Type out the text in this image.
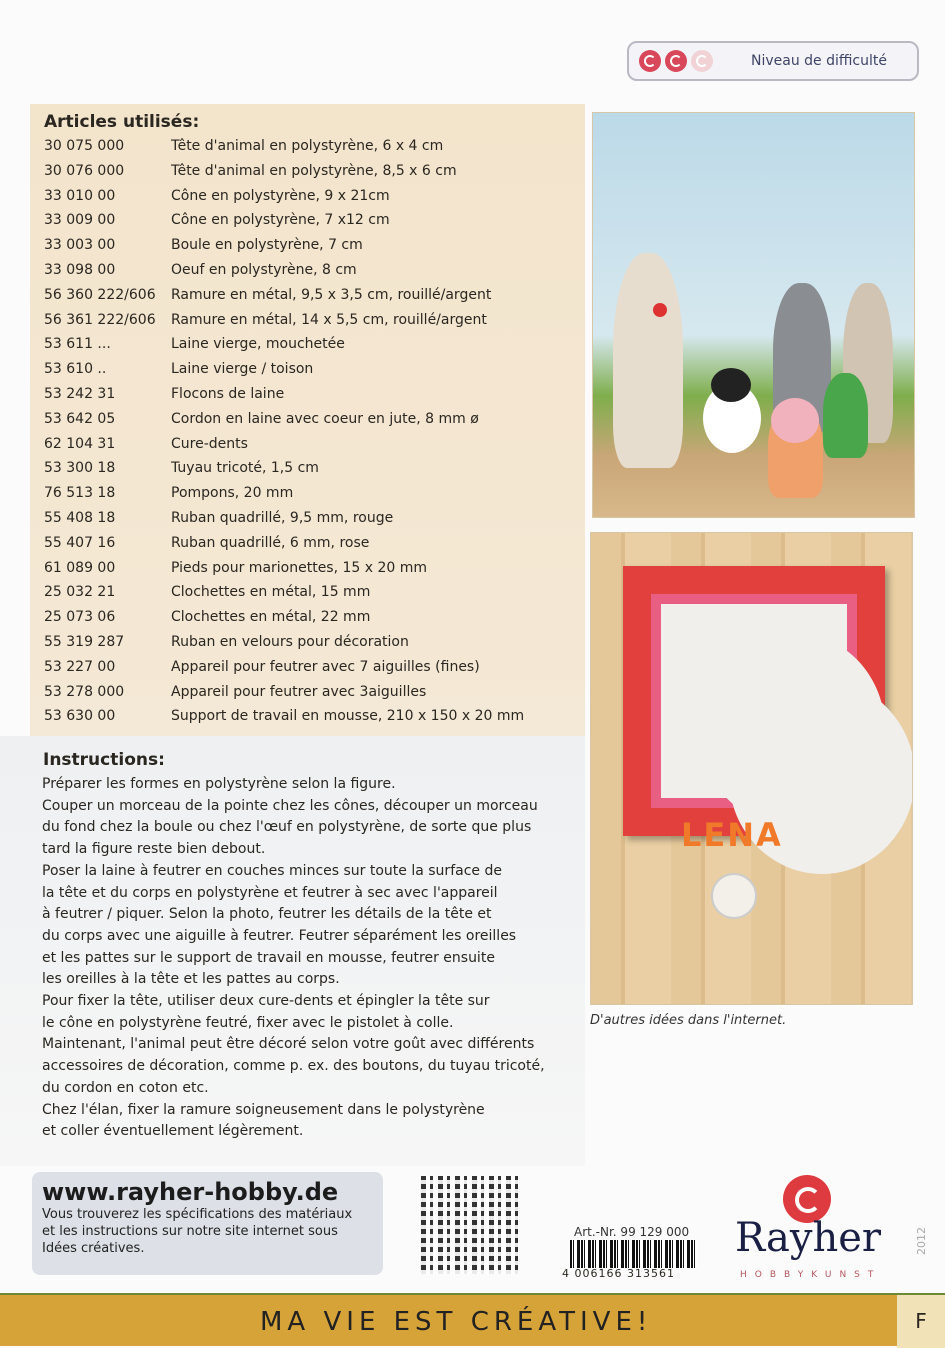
Niveau de difficulté
Articles utilisés:
30 075 000	Tête d'animal en polystyrène, 6 x 4 cm
30 076 000	Tête d'animal en polystyrène, 8,5 x 6 cm
33 010 00	Cône en polystyrène, 9 x 21cm
33 009 00	Cône en polystyrène, 7 x12 cm
33 003 00	Boule en polystyrène, 7 cm
33 098 00	Oeuf en polystyrène, 8 cm
56 360 222/606 Ramure en métal, 9,5 x 3,5 cm, rouillé/argent
56 361 222/606 Ramure en métal, 14 x 5,5 cm, rouillé/argent
53 611 ...	Laine vierge, mouchetée
53 610 ..	Laine vierge / toison
53 242 31	Flocons de laine
53 642 05	Cordon en laine avec coeur en jute, 8 mm ø
62 104 31	Cure-dents
53 300 18	Tuyau tricoté, 1,5 cm
76 513 18	Pompons, 20 mm
55 408 18	Ruban quadrillé, 9,5 mm, rouge
55 407 16	Ruban quadrillé, 6 mm, rose
61 089 00	Pieds pour marionettes, 15 x 20 mm
25 032 21	Clochettes en métal, 15 mm
25 073 06	Clochettes en métal, 22 mm
55 319 287	Ruban en velours pour décoration
53 227 00	Appareil pour feutrer avec 7 aiguilles (fines)
53 278 000	Appareil pour feutrer avec 3aiguilles
53 630 00	Support de travail en mousse, 210 x 150 x 20 mm
Instructions:
Préparer les formes en polystyrène selon la figure.
Couper un morceau de la pointe chez les cônes, découper un morceau
du fond chez la boule ou chez l'œuf en polystyrène, de sorte que plus
tard la figure reste bien debout.
Poser la laine à feutrer en couches minces sur toute la surface de
la tête et du corps en polystyrène et feutrer à sec avec l'appareil
à feutrer / piquer. Selon la photo, feutrer les détails de la tête et
du corps avec une aiguille à feutrer. Feutrer séparément les oreilles
et les pattes sur le support de travail en mousse, feutrer ensuite
les oreilles à la tête et les pattes au corps.
Pour fixer la tête, utiliser deux cure-dents et épingler la tête sur
le cône en polystyrène feutré, fixer avec le pistolet à colle.
Maintenant, l'animal peut être décoré selon votre goût avec différents
accessoires de décoration, comme p. ex. des boutons, du tuyau tricoté,
du cordon en coton etc.
Chez l'élan, fixer la ramure soigneusement dans le polystyrène
et coller éventuellement légèrement.
LENA
D'autres idées dans l'internet.
www.rayher-hobby.de
Vous trouverez les spécifications des matériaux
et les instructions sur notre site internet sous
Idées créatives.
Art.-Nr. 99 129 000
4 006166 313561
Rayher
HOBBYKUNST
2012
MA VIE EST CRÉATIVE!	F
